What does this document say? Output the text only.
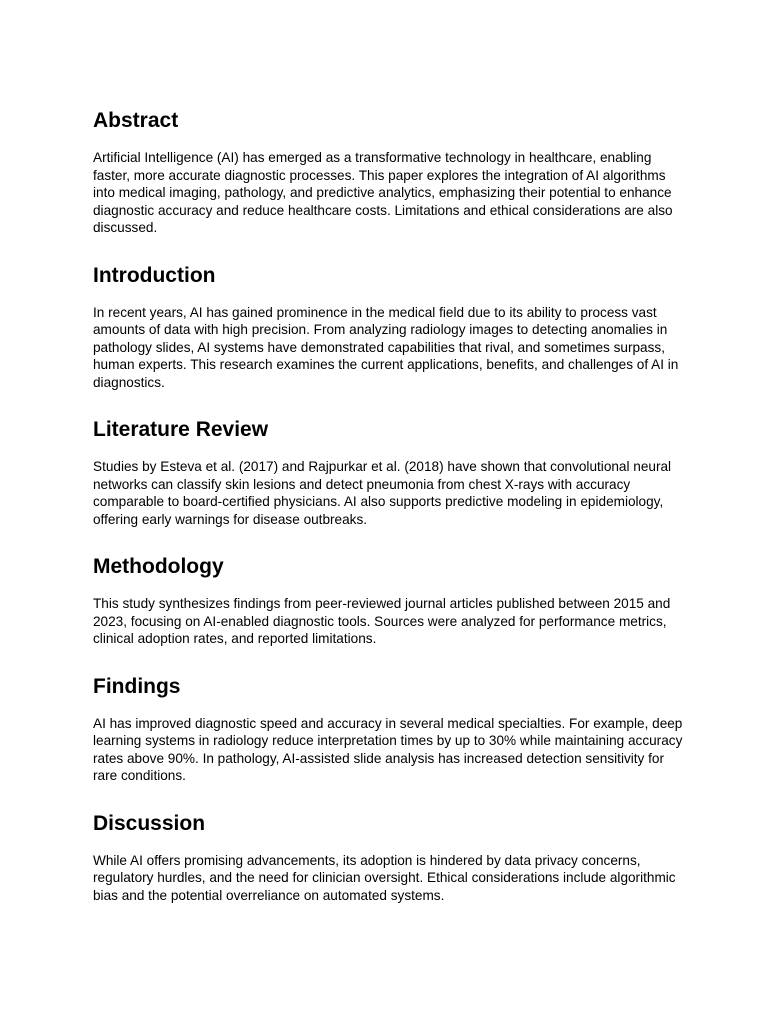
Abstract

Artificial Intelligence (AI) has emerged as a transformative technology in healthcare, enabling faster, more accurate diagnostic processes. This paper explores the integration of AI algorithms into medical imaging, pathology, and predictive analytics, emphasizing their potential to enhance diagnostic accuracy and reduce healthcare costs. Limitations and ethical considerations are also discussed.

Introduction

In recent years, AI has gained prominence in the medical field due to its ability to process vast amounts of data with high precision. From analyzing radiology images to detecting anomalies in pathology slides, AI systems have demonstrated capabilities that rival, and sometimes surpass, human experts. This research examines the current applications, benefits, and challenges of AI in diagnostics.

Literature Review

Studies by Esteva et al. (2017) and Rajpurkar et al. (2018) have shown that convolutional neural networks can classify skin lesions and detect pneumonia from chest X-rays with accuracy comparable to board-certified physicians. AI also supports predictive modeling in epidemiology, offering early warnings for disease outbreaks.

Methodology

This study synthesizes findings from peer-reviewed journal articles published between 2015 and 2023, focusing on AI-enabled diagnostic tools. Sources were analyzed for performance metrics, clinical adoption rates, and reported limitations.

Findings

AI has improved diagnostic speed and accuracy in several medical specialties. For example, deep learning systems in radiology reduce interpretation times by up to 30% while maintaining accuracy rates above 90%. In pathology, AI-assisted slide analysis has increased detection sensitivity for rare conditions.

Discussion

While AI offers promising advancements, its adoption is hindered by data privacy concerns, regulatory hurdles, and the need for clinician oversight. Ethical considerations include algorithmic bias and the potential overreliance on automated systems.
